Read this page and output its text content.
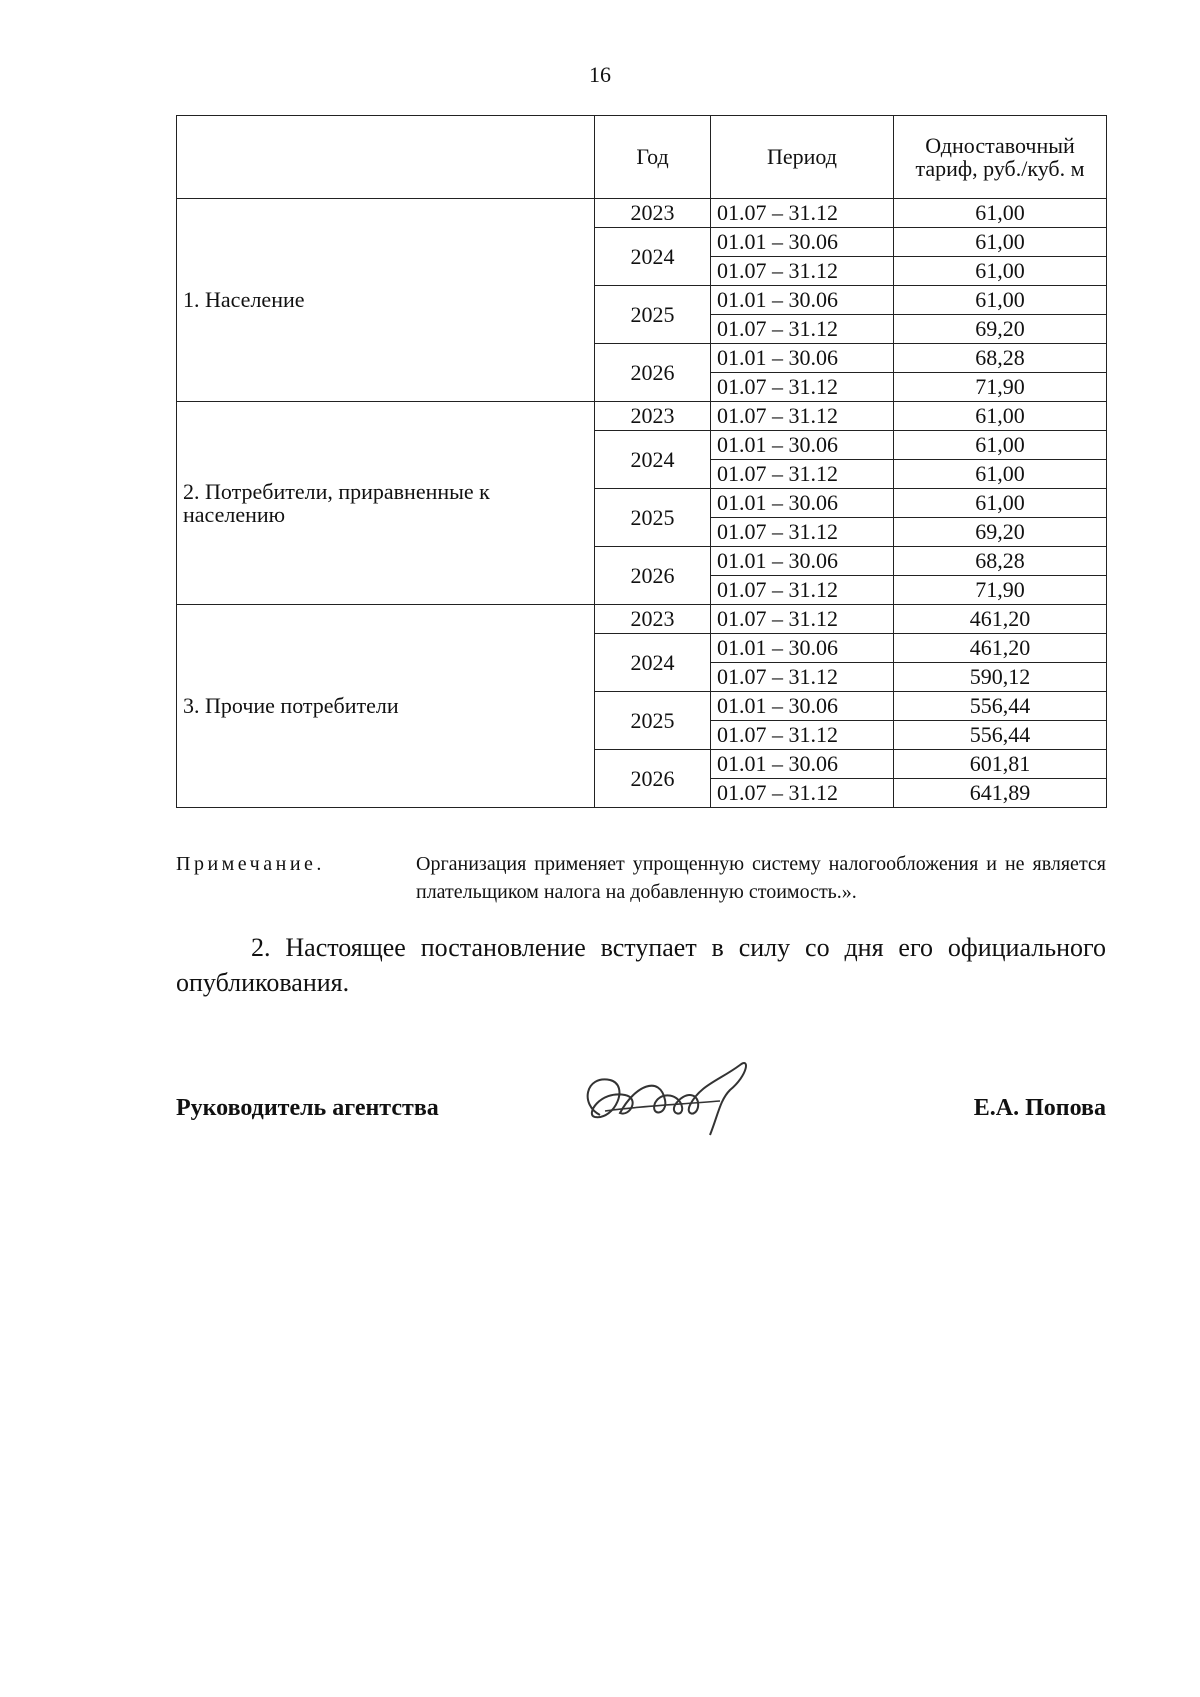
16
	Год	Период	Одноставочный тариф, руб./куб. м
1. Население	2023	01.07 – 31.12	61,00
	2024	01.01 – 30.06	61,00
		01.07 – 31.12	61,00
	2025	01.01 – 30.06	61,00
		01.07 – 31.12	69,20
	2026	01.01 – 30.06	68,28
		01.07 – 31.12	71,90
2. Потребители, приравненные к населению	2023	01.07 – 31.12	61,00
	2024	01.01 – 30.06	61,00
		01.07 – 31.12	61,00
	2025	01.01 – 30.06	61,00
		01.07 – 31.12	69,20
	2026	01.01 – 30.06	68,28
		01.07 – 31.12	71,90
3. Прочие потребители	2023	01.07 – 31.12	461,20
	2024	01.01 – 30.06	461,20
		01.07 – 31.12	590,12
	2025	01.01 – 30.06	556,44
		01.07 – 31.12	556,44
	2026	01.01 – 30.06	601,81
		01.07 – 31.12	641,89
Примечание.	Организация применяет упрощенную систему налогообложения и не является плательщиком налога на добавленную стоимость.».
2. Настоящее постановление вступает в силу со дня его официального опубликования.
Руководитель агентства	Е.А. Попова
